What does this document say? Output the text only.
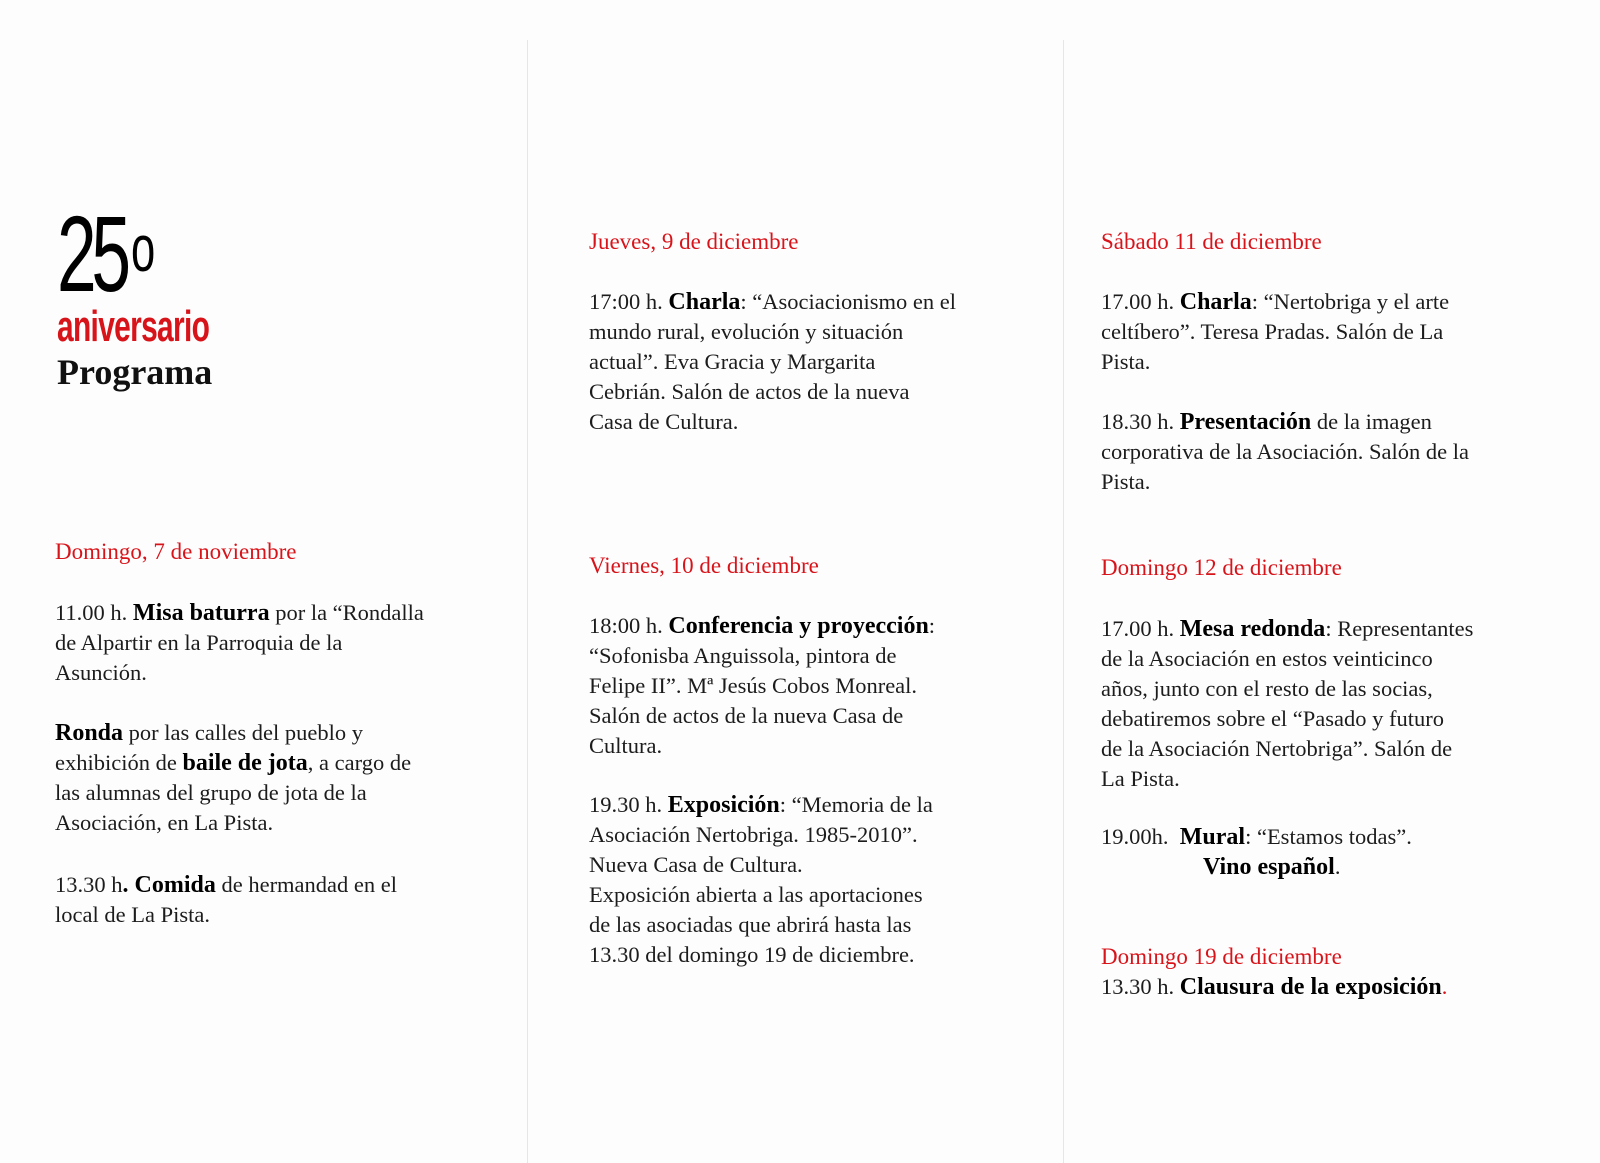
25$^o$
aniversario
Programa
Domingo, 7 de noviembre
11.00 h. Misa baturra por la “Rondalla
de Alpartir en la Parroquia de la
Asunción.
Ronda por las calles del pueblo y
exhibición de baile de jota, a cargo de
las alumnas del grupo de jota de la
Asociación, en La Pista.
13.30 h. Comida de hermandad en el
local de La Pista.
Jueves, 9 de diciembre
17:00 h. Charla: “Asociacionismo en el
mundo rural, evolución y situación
actual”. Eva Gracia y Margarita
Cebrián. Salón de actos de la nueva
Casa de Cultura.
Viernes, 10 de diciembre
18:00 h. Conferencia y proyección:
“Sofonisba Anguissola, pintora de
Felipe II”. Mª Jesús Cobos Monreal.
Salón de actos de la nueva Casa de
Cultura.
19.30 h. Exposición: “Memoria de la
Asociación Nertobriga. 1985-2010”.
Nueva Casa de Cultura.
Exposición abierta a las aportaciones
de las asociadas que abrirá hasta las
13.30 del domingo 19 de diciembre.
Sábado 11 de diciembre
17.00 h. Charla: “Nertobriga y el arte
celtíbero”. Teresa Pradas. Salón de La
Pista.
18.30 h. Presentación de la imagen
corporativa de la Asociación. Salón de la
Pista.
Domingo 12 de diciembre
17.00 h. Mesa redonda: Representantes
de la Asociación en estos veinticinco
años, junto con el resto de las socias,
debatiremos sobre el “Pasado y futuro
de la Asociación Nertobriga”. Salón de
La Pista.
19.00h.  Mural: “Estamos todas”.
Vino español.
Domingo 19 de diciembre
13.30 h. Clausura de la exposición.
